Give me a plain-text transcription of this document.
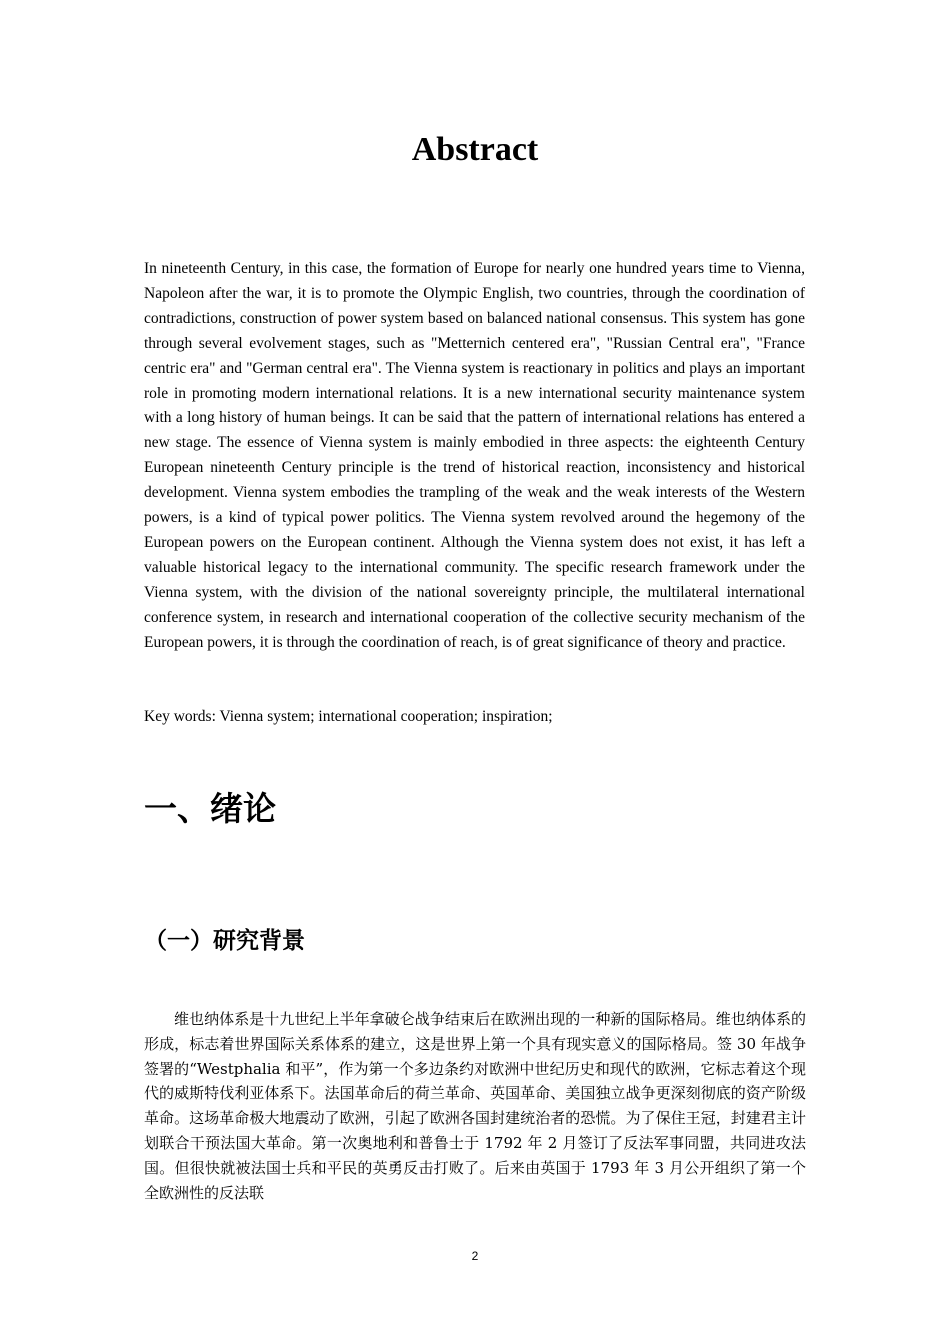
Abstract

In nineteenth Century, in this case, the formation of Europe for nearly one hundred years time to Vienna, Napoleon after the war, it is to promote the Olympic English, two countries, through the coordination of contradictions, construction of power system based on balanced national consensus. This system has gone through several evolvement stages, such as "Metternich centered era", "Russian Central era", "France centric era" and "German central era". The Vienna system is reactionary in politics and plays an important role in promoting modern international relations. It is a new international security maintenance system with a long history of human beings. It can be said that the pattern of international relations has entered a new stage. The essence of Vienna system is mainly embodied in three aspects: the eighteenth Century European nineteenth Century principle is the trend of historical reaction, inconsistency and historical development. Vienna system embodies the trampling of the weak and the weak interests of the Western powers, is a kind of typical power politics. The Vienna system revolved around the hegemony of the European powers on the European continent. Although the Vienna system does not exist, it has left a valuable historical legacy to the international community. The specific research framework under the Vienna system, with the division of the national sovereignty principle, the multilateral international conference system, in research and international cooperation of the collective security mechanism of the European powers, it is through the coordination of reach, is of great significance of theory and practice.

Key words: Vienna system; international cooperation; inspiration;

一、绪论
（一）研究背景

维也纳体系是十九世纪上半年拿破仑战争结束后在欧洲出现的一种新的国际格局。维也纳体系的形成，标志着世界国际关系体系的建立，这是世界上第一个具有现实意义的国际格局。签 30 年战争签署的“Westphalia 和平”，作为第一个多边条约对欧洲中世纪历史和现代的欧洲，它标志着这个现代的威斯特伐利亚体系下。法国革命后的荷兰革命、英国革命、美国独立战争更深刻彻底的资产阶级革命。这场革命极大地震动了欧洲，引起了欧洲各国封建统治者的恐慌。为了保住王冠，封建君主计划联合干预法国大革命。第一次奥地利和普鲁士于 1792 年 2 月签订了反法军事同盟，共同进攻法国。但很快就被法国士兵和平民的英勇反击打败了。后来由英国于 1793 年 3 月公开组织了第一个全欧洲性的反法联

2
